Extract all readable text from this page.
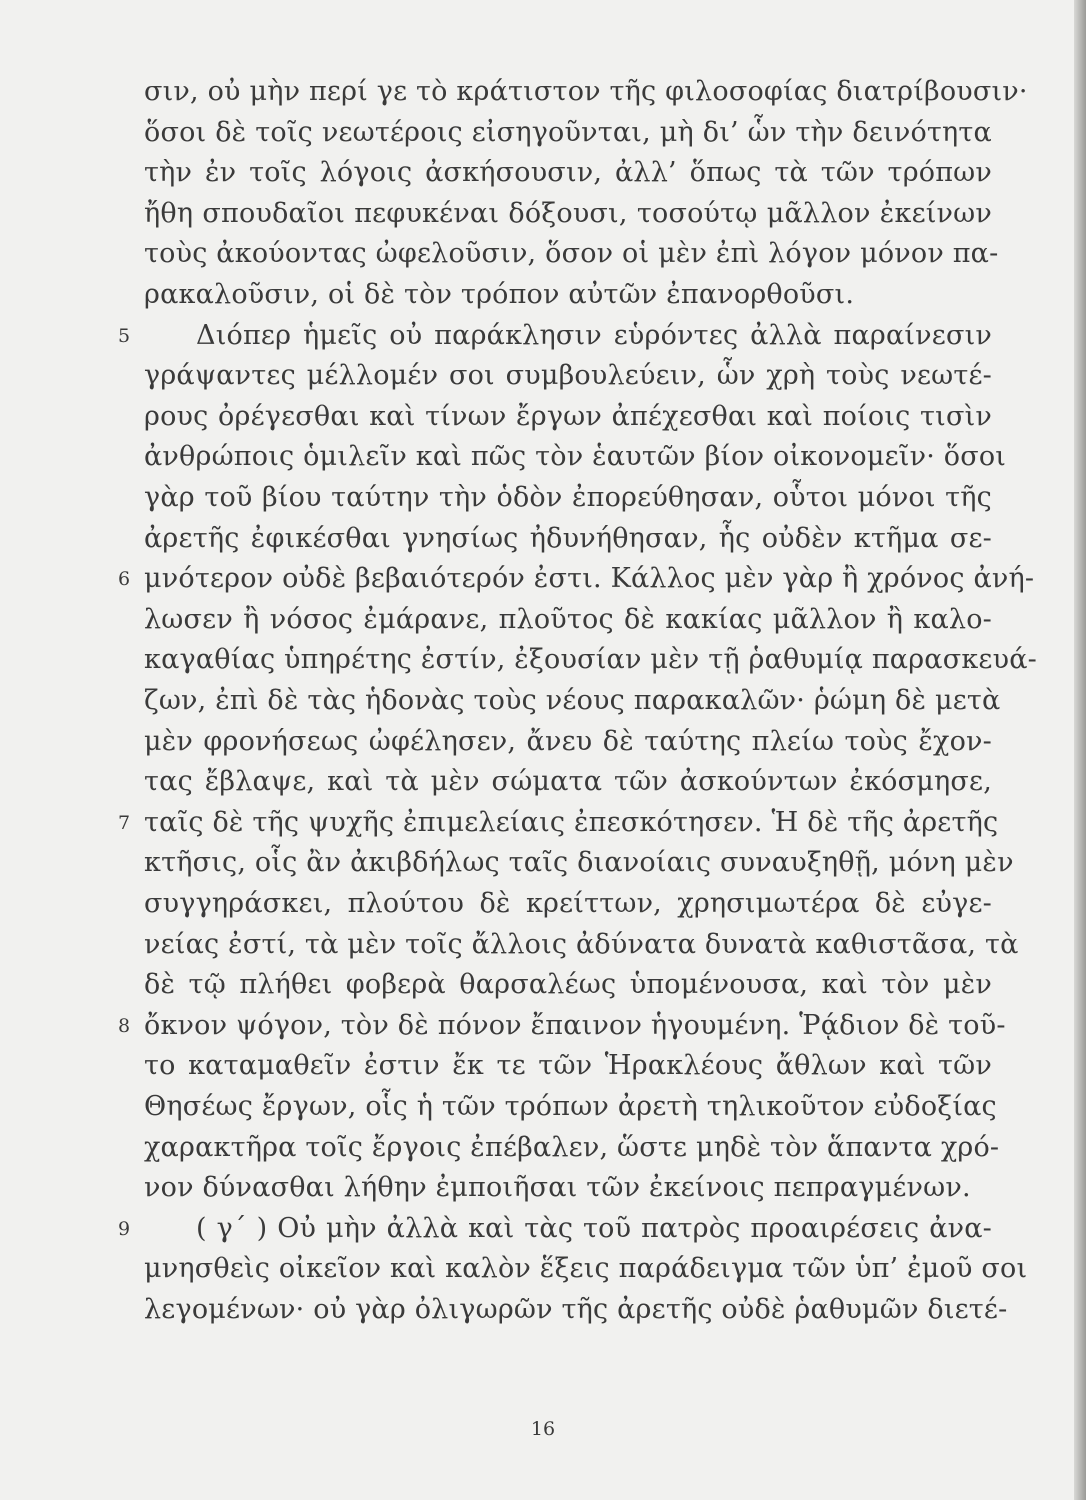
σιν, οὐ μὴν περί γε τὸ κράτιστον τῆς φιλοσοφίας διατρίβουσιν·
ὅσοι δὲ τοῖς νεωτέροις εἰσηγοῦνται, μὴ δι’ ὧν τὴν δεινότητα
τὴν ἐν τοῖς λόγοις ἀσκήσουσιν, ἀλλ’ ὅπως τὰ τῶν τρόπων
ἤθη σπουδαῖοι πεφυκέναι δόξουσι, τοσούτῳ μᾶλλον ἐκείνων
τοὺς ἀκούοντας ὠφελοῦσιν, ὅσον οἱ μὲν ἐπὶ λόγον μόνον πα-
ρακαλοῦσιν, οἱ δὲ τὸν τρόπον αὐτῶν ἐπανορθοῦσι.
Διόπερ ἡμεῖς οὐ παράκλησιν εὑρόντες ἀλλὰ παραίνεσιν
5
γράψαντες μέλλομέν σοι συμβουλεύειν, ὧν χρὴ τοὺς νεωτέ-
ρους ὀρέγεσθαι καὶ τίνων ἔργων ἀπέχεσθαι καὶ ποίοις τισὶν
ἀνθρώποις ὁμιλεῖν καὶ πῶς τὸν ἑαυτῶν βίον οἰκονομεῖν· ὅσοι
γὰρ τοῦ βίου ταύτην τὴν ὁδὸν ἐπορεύθησαν, οὗτοι μόνοι τῆς
ἀρετῆς ἐφικέσθαι γνησίως ἠδυνήθησαν, ἧς οὐδὲν κτῆμα σε-
μνότερον οὐδὲ βεβαιότερόν ἐστι. Κάλλος μὲν γὰρ ἢ χρόνος ἀνή-
6
λωσεν ἢ νόσος ἐμάρανε, πλοῦτος δὲ κακίας μᾶλλον ἢ καλο-
καγαθίας ὑπηρέτης ἐστίν, ἐξουσίαν μὲν τῇ ῥαθυμίᾳ παρασκευά-
ζων, ἐπὶ δὲ τὰς ἡδονὰς τοὺς νέους παρακαλῶν· ῥώμη δὲ μετὰ
μὲν φρονήσεως ὠφέλησεν, ἄνευ δὲ ταύτης πλείω τοὺς ἔχον-
τας ἔβλαψε, καὶ τὰ μὲν σώματα τῶν ἀσκούντων ἐκόσμησε,
ταῖς δὲ τῆς ψυχῆς ἐπιμελείαις ἐπεσκότησεν. Ἡ δὲ τῆς ἀρετῆς
7
κτῆσις, οἷς ἂν ἀκιβδήλως ταῖς διανοίαις συναυξηθῇ, μόνη μὲν
συγγηράσκει, πλούτου δὲ κρείττων, χρησιμωτέρα δὲ εὐγε-
νείας ἐστί, τὰ μὲν τοῖς ἄλλοις ἀδύνατα δυνατὰ καθιστᾶσα, τὰ
δὲ τῷ πλήθει φοβερὰ θαρσαλέως ὑπομένουσα, καὶ τὸν μὲν
ὄκνον ψόγον, τὸν δὲ πόνον ἔπαινον ἡγουμένη. Ῥᾴδιον δὲ τοῦ-
8
το καταμαθεῖν ἐστιν ἔκ τε τῶν Ἡρακλέους ἄθλων καὶ τῶν
Θησέως ἔργων, οἷς ἡ τῶν τρόπων ἀρετὴ τηλικοῦτον εὐδοξίας
χαρακτῆρα τοῖς ἔργοις ἐπέβαλεν, ὥστε μηδὲ τὸν ἅπαντα χρό-
νον δύνασθαι λήθην ἐμποιῆσαι τῶν ἐκείνοις πεπραγμένων.
( γ΄ ) Οὐ μὴν ἀλλὰ καὶ τὰς τοῦ πατρὸς προαιρέσεις ἀνα-
9
μνησθεὶς οἰκεῖον καὶ καλὸν ἕξεις παράδειγμα τῶν ὑπ’ ἐμοῦ σοι
λεγομένων· οὐ γὰρ ὀλιγωρῶν τῆς ἀρετῆς οὐδὲ ῥαθυμῶν διετέ-
16
